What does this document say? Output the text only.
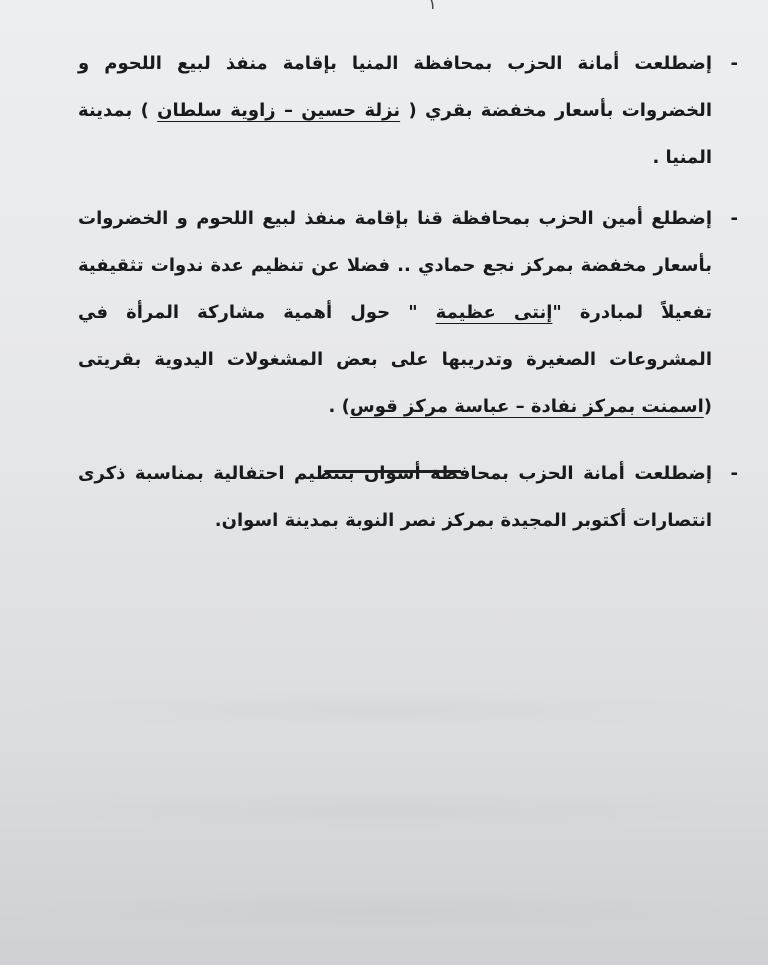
١
-
إضطلعت أمانة الحزب بمحافظة المنيا بإقامة منفذ لبيع اللحوم و الخضروات بأسعار مخفضة بقري ( نزلة حسين – زاوية سلطان ) بمدينة المنيا .
-
إضطلع أمين الحزب بمحافظة قنا بإقامة منفذ لبيع اللحوم و الخضروات بأسعار مخفضة بمركز نجع حمادي .. فضلا عن تنظيم عدة ندوات تثقيفية تفعيلاً لمبادرة "إنتى عظيمة " حول أهمية مشاركة المرأة في المشروعات الصغيرة وتدريبها على بعض المشغولات اليدوية بقريتى (اسمنت بمركز نفادة – عباسة مركز قوس) .
-
إضطلعت أمانة الحزب بمحافظة أسوان بتنظيم احتفالية بمناسبة ذكرى انتصارات أكتوبر المجيدة بمركز نصر النوبة بمدينة اسوان.
